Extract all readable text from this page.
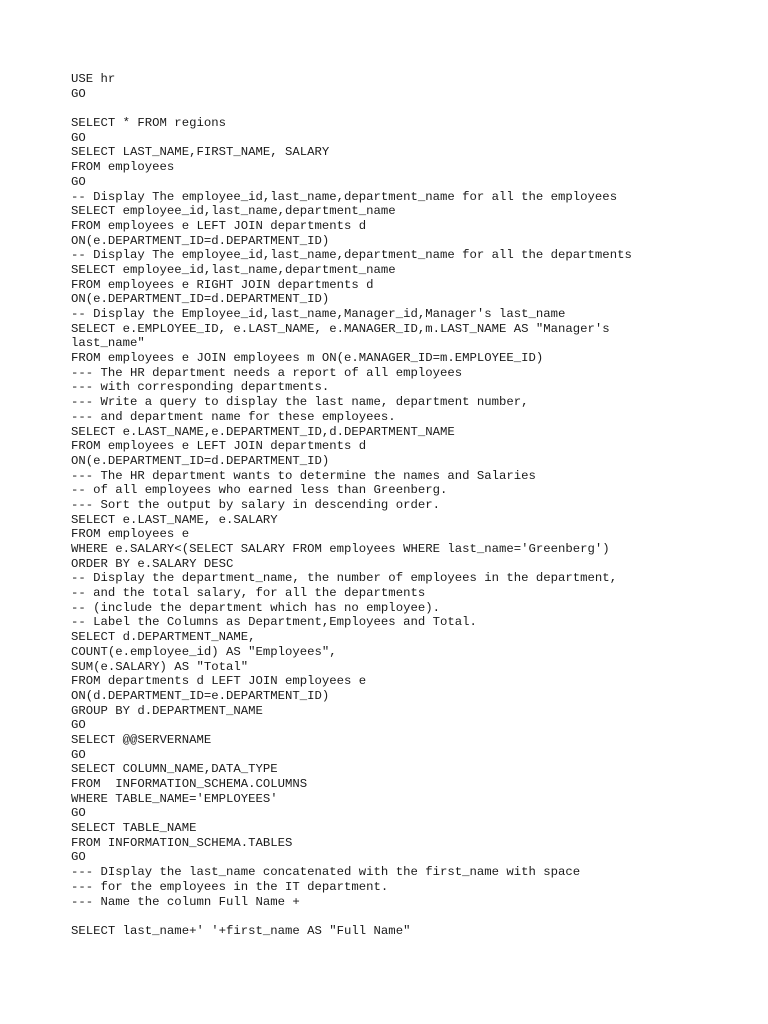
USE hr
GO
SELECT * FROM regions
GO
SELECT LAST_NAME,FIRST_NAME, SALARY
FROM employees
GO
-- Display The employee_id,last_name,department_name for all the employees
SELECT employee_id,last_name,department_name
FROM employees e LEFT JOIN departments d
ON(e.DEPARTMENT_ID=d.DEPARTMENT_ID)
-- Display The employee_id,last_name,department_name for all the departments
SELECT employee_id,last_name,department_name
FROM employees e RIGHT JOIN departments d
ON(e.DEPARTMENT_ID=d.DEPARTMENT_ID)
-- Display the Employee_id,last_name,Manager_id,Manager's last_name
SELECT e.EMPLOYEE_ID, e.LAST_NAME, e.MANAGER_ID,m.LAST_NAME AS "Manager's
last_name"
FROM employees e JOIN employees m ON(e.MANAGER_ID=m.EMPLOYEE_ID)
--- The HR department needs a report of all employees
--- with corresponding departments.
--- Write a query to display the last name, department number,
--- and department name for these employees.
SELECT e.LAST_NAME,e.DEPARTMENT_ID,d.DEPARTMENT_NAME
FROM employees e LEFT JOIN departments d
ON(e.DEPARTMENT_ID=d.DEPARTMENT_ID)
--- The HR department wants to determine the names and Salaries
-- of all employees who earned less than Greenberg.
--- Sort the output by salary in descending order.
SELECT e.LAST_NAME, e.SALARY
FROM employees e
WHERE e.SALARY<(SELECT SALARY FROM employees WHERE last_name='Greenberg')
ORDER BY e.SALARY DESC
-- Display the department_name, the number of employees in the department,
-- and the total salary, for all the departments
-- (include the department which has no employee).
-- Label the Columns as Department,Employees and Total.
SELECT d.DEPARTMENT_NAME,
COUNT(e.employee_id) AS "Employees",
SUM(e.SALARY) AS "Total"
FROM departments d LEFT JOIN employees e
ON(d.DEPARTMENT_ID=e.DEPARTMENT_ID)
GROUP BY d.DEPARTMENT_NAME
GO
SELECT @@SERVERNAME
GO
SELECT COLUMN_NAME,DATA_TYPE
FROM  INFORMATION_SCHEMA.COLUMNS
WHERE TABLE_NAME='EMPLOYEES'
GO
SELECT TABLE_NAME
FROM INFORMATION_SCHEMA.TABLES
GO
--- DIsplay the last_name concatenated with the first_name with space
--- for the employees in the IT department.
--- Name the column Full Name +
SELECT last_name+' '+first_name AS "Full Name"
